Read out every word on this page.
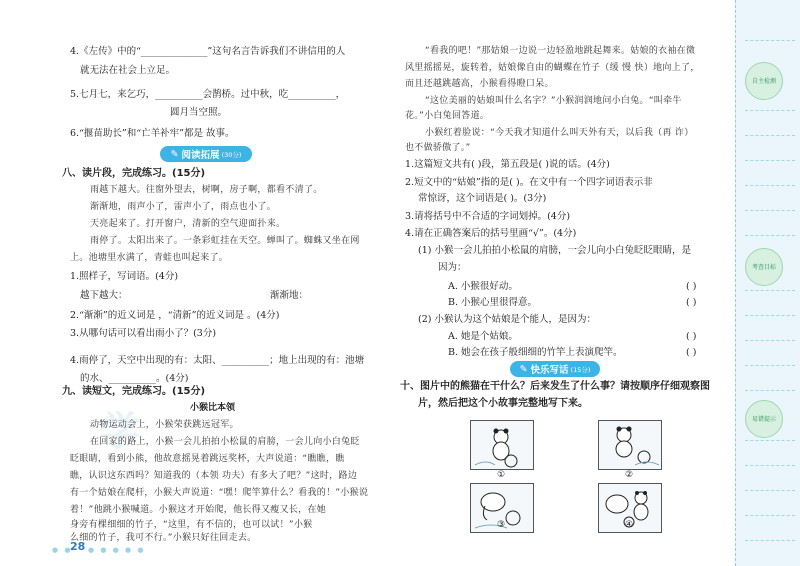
学
4.《左传》中的“______________”这句名言告诉我们不讲信用的人
就无法在社会上立足。
5.七月七，来乞巧，__________会鹊桥。过中秋，吃__________，
圆月当空照。
6.“揠苗助长”和“亡羊补牢”都是 故事。
✎ 阅读拓展 (30分)
八、读片段，完成练习。(15分)
雨越下越大。往窗外望去，树啊，房子啊，都看不清了。
渐渐地，雨声小了，雷声小了，雨点也小了。
天亮起来了。打开窗户，清新的空气迎面扑来。
雨停了。太阳出来了。一条彩虹挂在天空。蝉叫了。蜘蛛又坐在网
上。池塘里水满了，青蛙也叫起来了。
1.照样子，写词语。(4分)
越下越大：	渐渐地：
2.“渐渐”的近义词是 ，“清新”的近义词是 。(4分)
3.从哪句话可以看出雨小了？(3分)
4.雨停了，天空中出现的有：太阳、__________；地上出现的有：池塘
的水、__________。(4分)
九、读短文，完成练习。(15分)
小猴比本领
动物运动会上，小猴荣获跳远冠军。
在回家的路上，小猴一会儿拍拍小松鼠的肩膀，一会儿向小白兔眨
眨眼睛，看到小熊，他故意摇晃着跳远奖杯，大声说道：“瞧瞧，瞧
瞧，认识这东西吗？知道我的（本领 功夫）有多大了吧？”这时，路边
有一个姑娘在爬杆，小猴大声说道：“嘿！爬竿算什么？看我的！”小猴说
着！”他跳小猴喊道。小猴这才开始爬，他长得又瘦又长，在她
身旁有棵细细的竹子，“这里，有不信的，也可以试！”小猴
么细的竹子，我可不行。”小猴只好往回走去。
28
● ● ● ● ● ● ●
“看我的吧！”那姑娘一边说一边轻盈地跳起舞来。姑娘的衣袖在微
风里摇摇晃，旋转着，姑娘像自由的蝴蝶在竹子（缓 慢 快）地向上了，
而且还越跳越高，小猴看得瞪口呆。
“这位美丽的姑娘叫什么名字？”小猴润润地问小白兔。“叫牵牛
花。”小白兔回答道。
小猴红着脸说：“今天我才知道什么叫天外有天，以后我（再 诈）
也不做骄傲了。”
1.这篇短文共有( )段，第五段是( )说的话。(4分)
2.短文中的“姑娘”指的是( )。在文中有一个四字词语表示非
常惊讶，这个词语是( )。(3分)
3.请将括号中不合适的字词划掉。(4分)
4.请在正确答案后的括号里画“√”。(4分)
(1) 小猴一会儿拍拍小松鼠的肩膀，一会儿向小白兔眨眨眼睛，是
因为：
A. 小猴很好动。	( )
B. 小猴心里很得意。	( )
(2) 小猴认为这个姑娘是个能人，是因为：
A. 她是个姑娘。	( )
B. 她会在孩子般细细的竹竿上表演爬竿。	( )
✎ 快乐写话 (15分)
十、图片中的熊猫在干什么？后来发生了什么事？请按顺序仔细观察图
片，然后把这个小故事完整地写下来。
①	②
③	④
自主检测
考查目标
易错提示
